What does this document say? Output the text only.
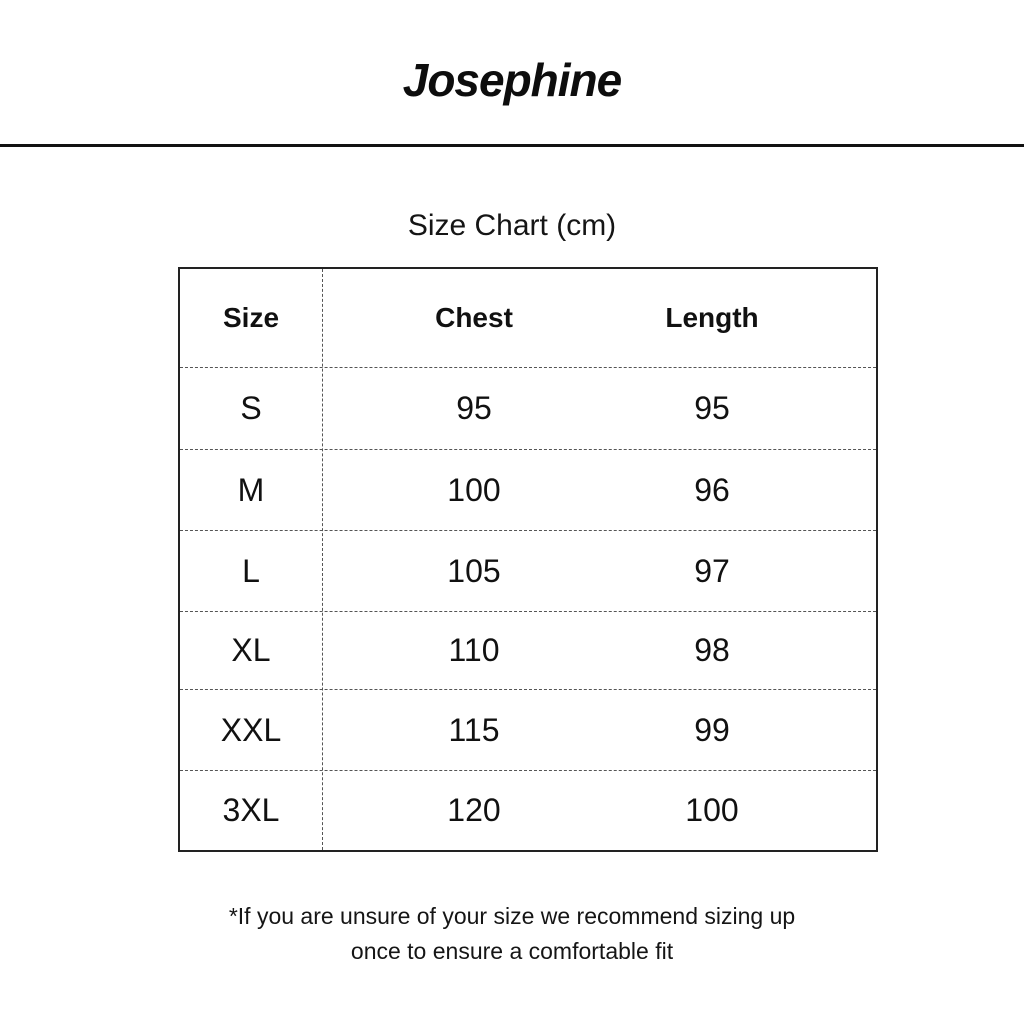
Josephine
Size Chart (cm)
Size	Chest	Length
S	95	95
M	100	96
L	105	97
XL	110	98
XXL	115	99
3XL	120	100
*If you are unsure of your size we recommend sizing up
once to ensure a comfortable fit
